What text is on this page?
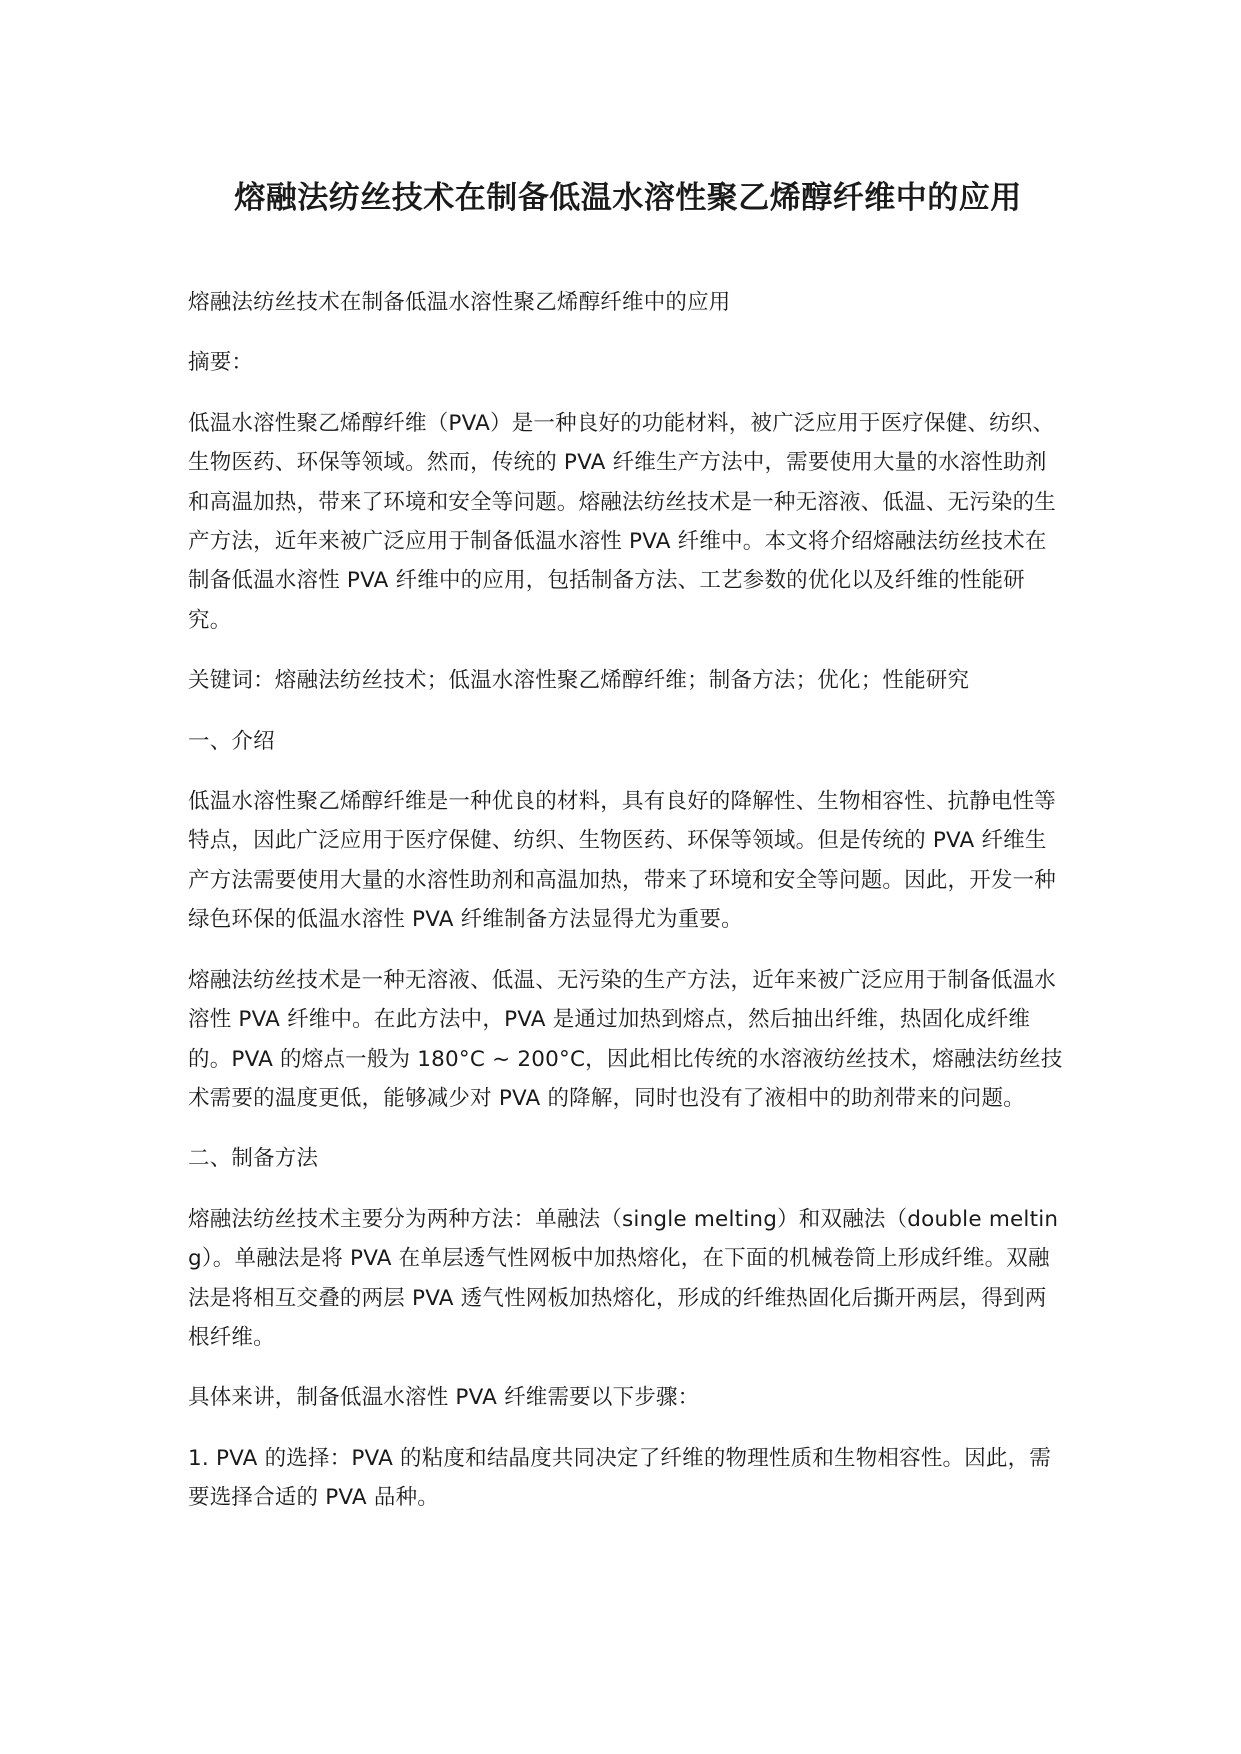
熔融法纺丝技术在制备低温水溶性聚乙烯醇纤维中的应用

熔融法纺丝技术在制备低温水溶性聚乙烯醇纤维中的应用

摘要：

低温水溶性聚乙烯醇纤维（PVA）是一种良好的功能材料，被广泛应用于医疗保健、纺织、生物医药、环保等领域。然而，传统的 PVA 纤维生产方法中，需要使用大量的水溶性助剂和高温加热，带来了环境和安全等问题。熔融法纺丝技术是一种无溶液、低温、无污染的生产方法，近年来被广泛应用于制备低温水溶性 PVA 纤维中。本文将介绍熔融法纺丝技术在制备低温水溶性 PVA 纤维中的应用，包括制备方法、工艺参数的优化以及纤维的性能研究。

关键词：熔融法纺丝技术；低温水溶性聚乙烯醇纤维；制备方法；优化；性能研究

一、介绍

低温水溶性聚乙烯醇纤维是一种优良的材料，具有良好的降解性、生物相容性、抗静电性等特点，因此广泛应用于医疗保健、纺织、生物医药、环保等领域。但是传统的 PVA 纤维生产方法需要使用大量的水溶性助剂和高温加热，带来了环境和安全等问题。因此，开发一种绿色环保的低温水溶性 PVA 纤维制备方法显得尤为重要。

熔融法纺丝技术是一种无溶液、低温、无污染的生产方法，近年来被广泛应用于制备低温水溶性 PVA 纤维中。在此方法中，PVA 是通过加热到熔点，然后抽出纤维，热固化成纤维的。PVA 的熔点一般为 180°C ~ 200°C，因此相比传统的水溶液纺丝技术，熔融法纺丝技术需要的温度更低，能够减少对 PVA 的降解，同时也没有了液相中的助剂带来的问题。

二、制备方法

熔融法纺丝技术主要分为两种方法：单融法（single melting）和双融法（double melting）。单融法是将 PVA 在单层透气性网板中加热熔化，在下面的机械卷筒上形成纤维。双融法是将相互交叠的两层 PVA 透气性网板加热熔化，形成的纤维热固化后撕开两层，得到两根纤维。

具体来讲，制备低温水溶性 PVA 纤维需要以下步骤：

1. PVA 的选择：PVA 的粘度和结晶度共同决定了纤维的物理性质和生物相容性。因此，需要选择合适的 PVA 品种。
